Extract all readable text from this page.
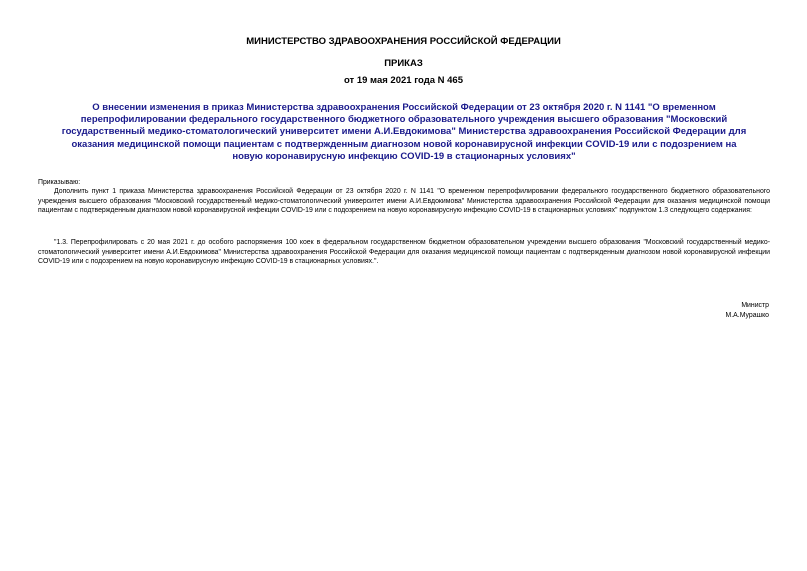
МИНИСТЕРСТВО ЗДРАВООХРАНЕНИЯ РОССИЙСКОЙ ФЕДЕРАЦИИ
ПРИКАЗ
от 19 мая 2021 года N 465
О внесении изменения в приказ Министерства здравоохранения Российской Федерации от 23 октября 2020 г. N 1141 "О временном перепрофилировании федерального государственного бюджетного образовательного учреждения высшего образования "Московский государственный медико-стоматологический университет имени А.И.Евдокимова" Министерства здравоохранения Российской Федерации для оказания медицинской помощи пациентам с подтвержденным диагнозом новой коронавирусной инфекции COVID-19 или с подозрением на новую коронавирусную инфекцию COVID-19 в стационарных условиях"
Приказываю:
Дополнить пункт 1 приказа Министерства здравоохранения Российской Федерации от 23 октября 2020 г. N 1141 "О временном перепрофилировании федерального государственного бюджетного образовательного учреждения высшего образования "Московский государственный медико-стоматологический университет имени А.И.Евдокимова" Министерства здравоохранения Российской Федерации для оказания медицинской помощи пациентам с подтвержденным диагнозом новой коронавирусной инфекции COVID-19 или с подозрением на новую коронавирусную инфекцию COVID-19 в стационарных условиях" подпунктом 1.3 следующего содержания:
"1.3. Перепрофилировать с 20 мая 2021 г. до особого распоряжения 100 коек в федеральном государственном бюджетном образовательном учреждении высшего образования "Московский государственный медико-стоматологический университет имени А.И.Евдокимова" Министерства здравоохранения Российской Федерации для оказания медицинской помощи пациентам с подтвержденным диагнозом новой коронавирусной инфекции COVID-19 или с подозрением на новую коронавирусную инфекцию COVID-19 в стационарных условиях.".
Министр
М.А.Мурашко
